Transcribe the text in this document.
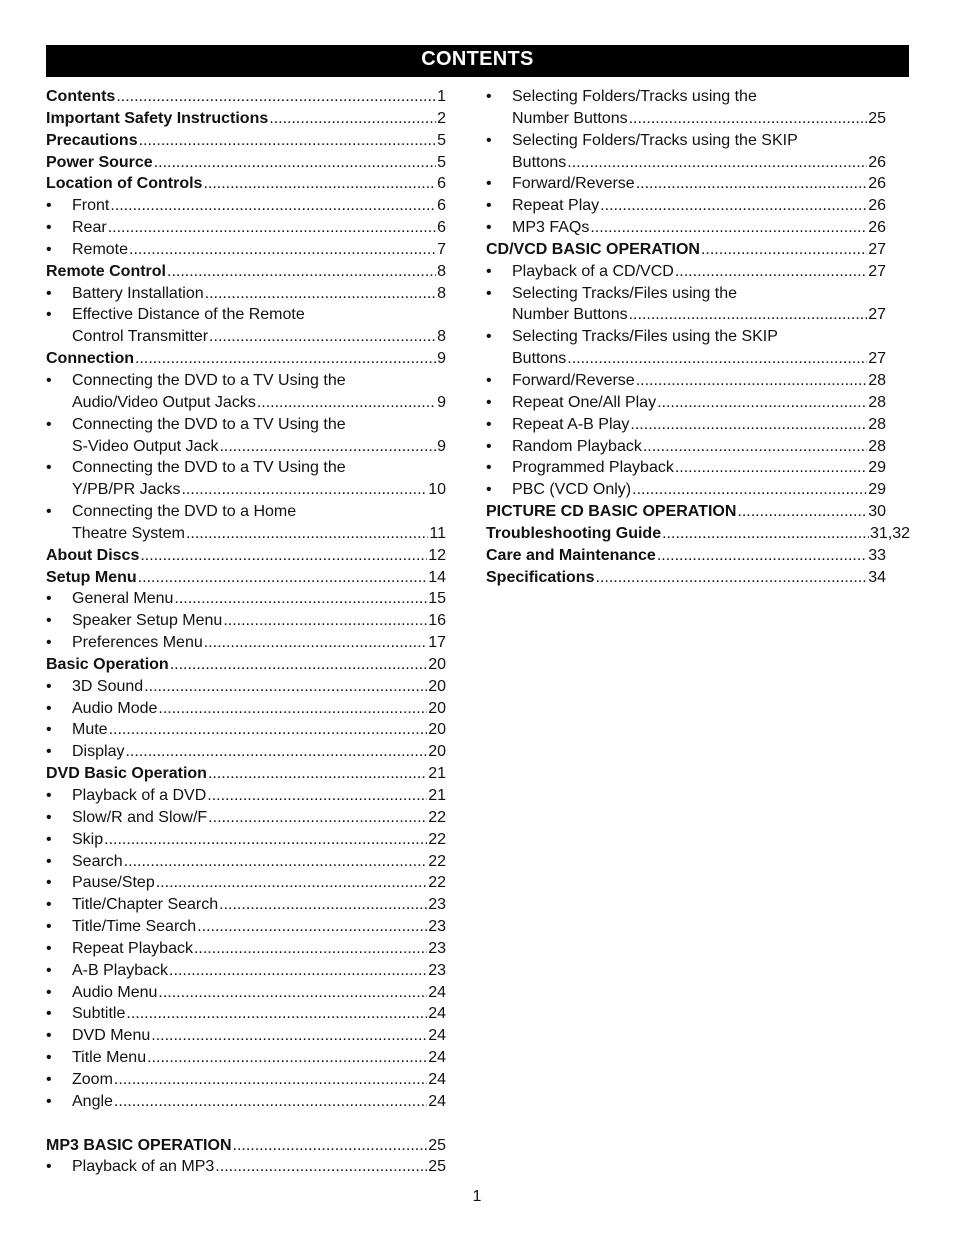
CONTENTS
Contents .....	1
Important Safety Instructions .....	2
Precautions .....	5
Power Source .....	5
Location of Controls .....	6
•	Front .....	6
•	Rear .....	6
•	Remote .....	7
Remote Control .....	8
•	Battery Installation .....	8
•	Effective Distance of the Remote
Control Transmitter .....	8
Connection .....	9
•	Connecting the DVD to a TV Using the
Audio/Video Output Jacks .....	9
•	Connecting the DVD to a TV Using the
S-Video Output Jack .....	9
•	Connecting the DVD to a TV Using the
Y/PB/PR Jacks .....	10
•	Connecting the DVD to a Home
Theatre System .....	11
About Discs .....	12
Setup Menu .....	14
•	General Menu .....	15
•	Speaker Setup Menu .....	16
•	Preferences Menu .....	17
Basic Operation .....	20
•	3D Sound .....	20
•	Audio Mode .....	20
•	Mute .....	20
•	Display .....	20
DVD Basic Operation .....	21
•	Playback of a DVD .....	21
•	Slow/R and Slow/F .....	22
•	Skip .....	22
•	Search .....	22
•	Pause/Step .....	22
•	Title/Chapter Search .....	23
•	Title/Time Search .....	23
•	Repeat Playback .....	23
•	A-B Playback .....	23
•	Audio Menu .....	24
•	Subtitle .....	24
•	DVD Menu .....	24
•	Title Menu .....	24
•	Zoom .....	24
•	Angle .....	24
MP3 BASIC OPERATION .....	25
•	Playback of an MP3 .....	25
•	Selecting Folders/Tracks using the
Number Buttons .....	25
•	Selecting Folders/Tracks using the SKIP
Buttons .....	26
•	Forward/Reverse .....	26
•	Repeat Play .....	26
•	MP3 FAQs .....	26
CD/VCD BASIC OPERATION .....	27
•	Playback of a CD/VCD .....	27
•	Selecting Tracks/Files using the
Number Buttons .....	27
•	Selecting Tracks/Files using the SKIP
Buttons .....	27
•	Forward/Reverse .....	28
•	Repeat One/All Play .....	28
•	Repeat A-B Play .....	28
•	Random Playback .....	28
•	Programmed Playback .....	29
•	PBC (VCD Only) .....	29
PICTURE CD BASIC OPERATION .....	30
Troubleshooting Guide .....	31,32
Care and Maintenance .....	33
Specifications .....	34
1
